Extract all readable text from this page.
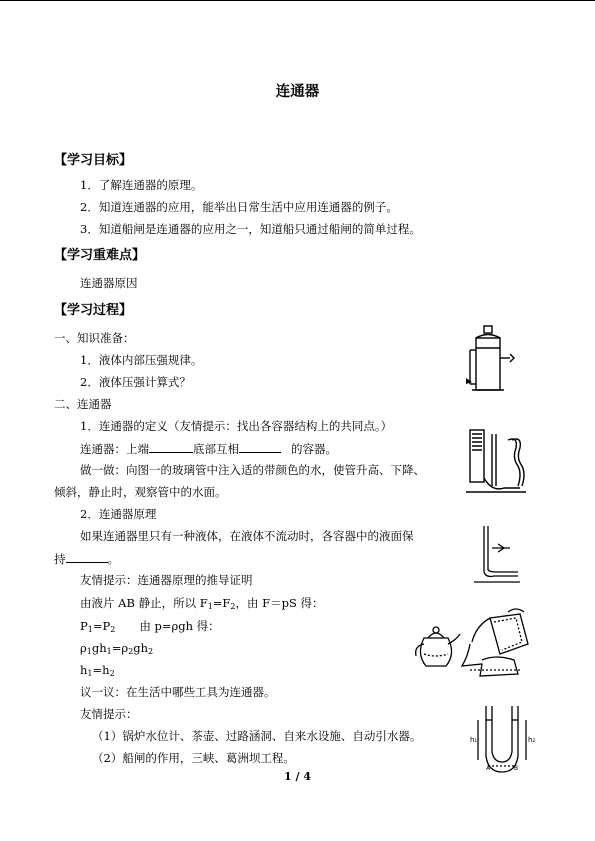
连通器
【学习目标】
1．了解连通器的原理。
2．知道连通器的应用，能举出日常生活中应用连通器的例子。
3．知道船闸是连通器的应用之一，知道船只通过船闸的简单过程。
【学习重难点】
连通器原因
【学习过程】
一、知识准备：
1．液体内部压强规律。
2．液体压强计算式？
二、连通器
1．连通器的定义（友情提示：找出各容器结构上的共同点。）
连通器：上端	底部互相	的容器。
做一做：向图一的玻璃管中注入适的带颜色的水，使管升高、下降、
倾斜，静止时，观察管中的水面。
2．连通器原理
如果连通器里只有一种液体，在液体不流动时，各容器中的液面保
持	。
友情提示：连通器原理的推导证明
由液片 AB 静止，所以 $F_1=F_2$，由 F＝pS 得：
$P_1=P_2$ 由 p=ρgh 得：
$\rho_1gh_1=\rho_2gh_2$
$h_1=h_2$
议一议：在生活中哪些工具为连通器。
友情提示：
（1）锅炉水位计、茶壶、过路涵洞、自来水设施、自动引水器。
（2）船闸的作用，三峡、葛洲坝工程。
h₁	h₂
A	B
1 / 4
